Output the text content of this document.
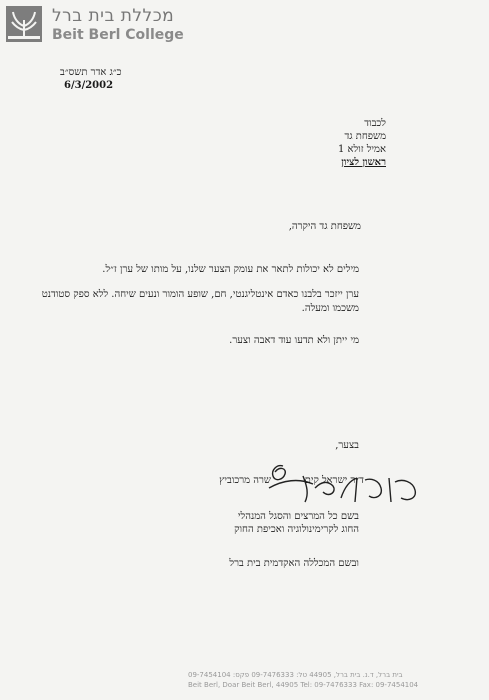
מכללת בית ברל
Beit Berl College
כ״ג אדר תשס״ב
6/3/2002
לכבוד
משפחת גד
אמיל זולא 1
ראשון לציון
משפחת גד היקרה,
מילים לא יכולות לתאר את עומק הצער שלנו, על מותו של ערן ז״ל.
ערן ייזכר בלבנו כאדם אינטליגנטי, חם, שופע הומור ונעים שיחה. ללא ספק סטודנט משכמו ומעלה.
מי ייתן ולא תדעו עוד דאבה וצער.
בצער,
ד״ר ישראל קים
שרה מרכוביץ
בשם כל המרצים והסגל המנהלי
החוג לקרימינולוגיה ואכיפת החוק
ובשם המכללה האקדמית בית ברל
בית ברל, ד.נ. בית ברל, 44905 טל: 09-7476333 פקס: 09-7454104
Beit Berl, Doar Beit Berl, 44905 Tel: 09-7476333 Fax: 09-7454104
